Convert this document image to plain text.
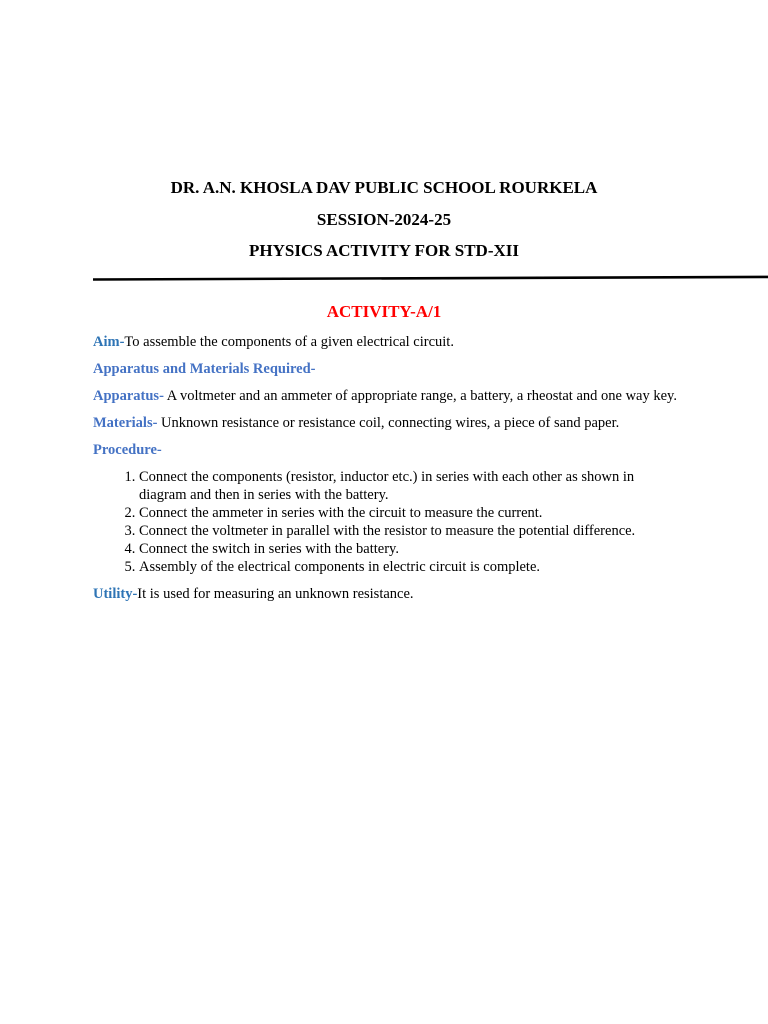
DR. A.N. KHOSLA DAV PUBLIC SCHOOL ROURKELA
SESSION-2024-25
PHYSICS ACTIVITY FOR STD-XII
ACTIVITY-A/1

Aim-To assemble the components of a given electrical circuit.

Apparatus and Materials Required-

Apparatus- A voltmeter and an ammeter of appropriate range, a battery, a rheostat and one way key.

Materials- Unknown resistance or resistance coil, connecting wires, a piece of sand paper.

Procedure-

1. Connect the components (resistor, inductor etc.) in series with each other as shown in diagram and then in series with the battery.
2. Connect the ammeter in series with the circuit to measure the current.
3. Connect the voltmeter in parallel with the resistor to measure the potential difference.
4. Connect the switch in series with the battery.
5. Assembly of the electrical components in electric circuit is complete.

Utility-It is used for measuring an unknown resistance.
